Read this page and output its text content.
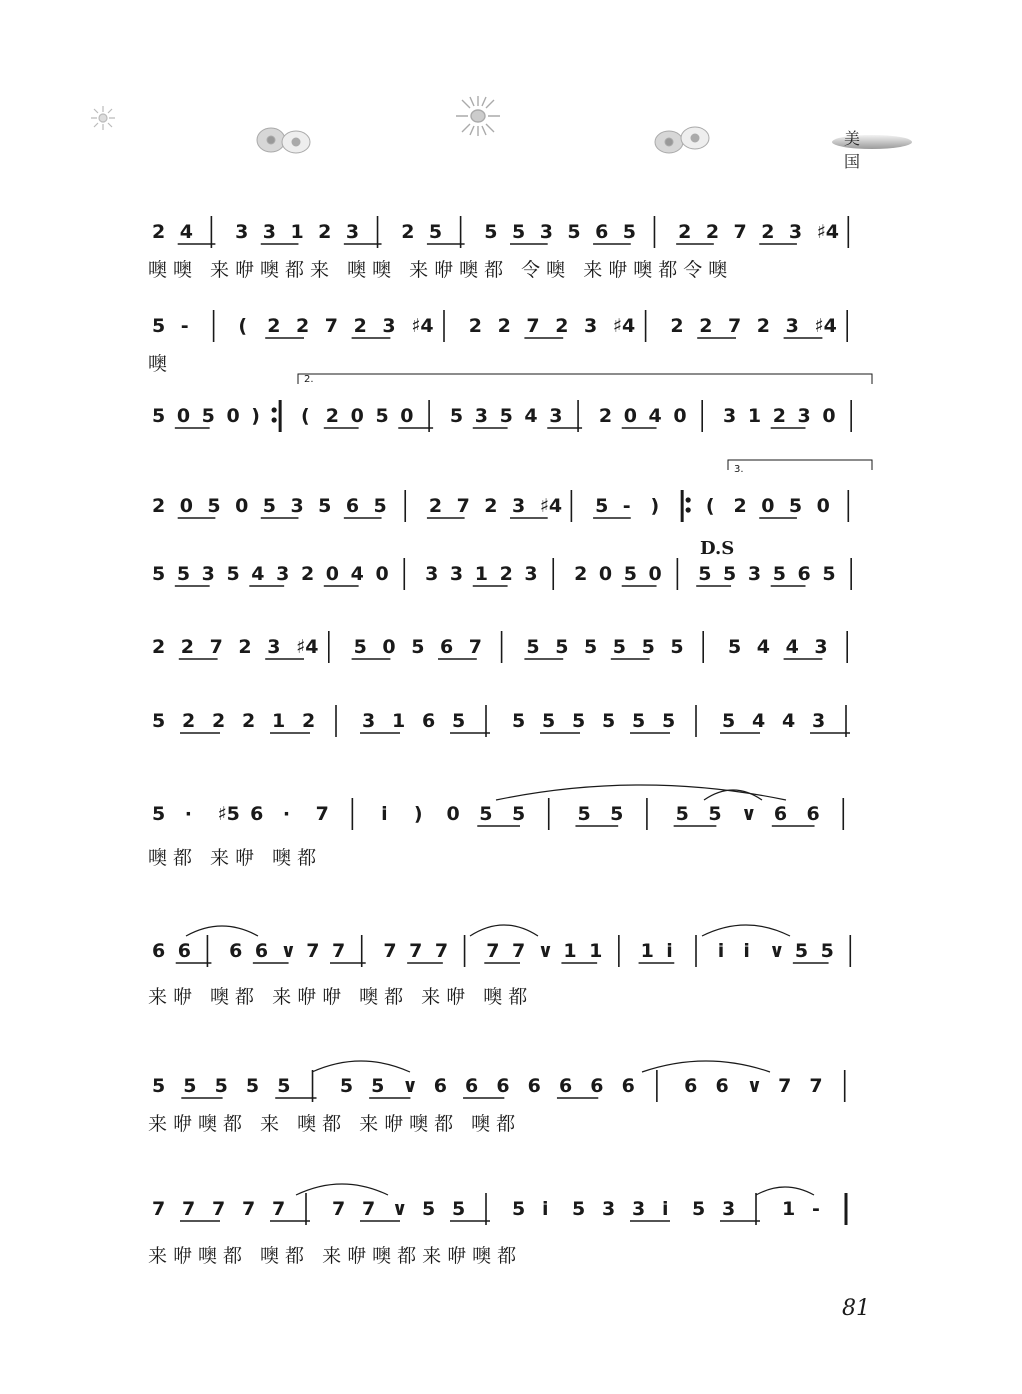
美 国
2 4 3 3 1 2 3 2 5 5 5 3 5 6 5 2 2 7 2 3 ♯4
5 -	( 2 2 7 2 3 ♯4 2 2 7 2 3 ♯4 2 2 7 2 3 ♯4
5 0 5 0 ) ( 2 0 5 0 5 3 5 4 3 2 0 4 0 3 1 2 3 0
2 0 5 0 5 3 5 6 5 2 7 2 3 ♯4 5 - ) ( 2 0 5 0
5 5 3 5 4 3 2 0 4 0 3 3 1 2 3 2 0 5 0 5 5 3 5 6 5
2 2 7 2 3 ♯4 5 0 5 6 7 5 5 5 5 5 5 5 4 4 3
5 2 2 2 1 2 3 1 6 5 5 5 5 5 5 5 5 4 4 3
5 · ♯5 6 · 7	i ) 0 5 5	5 5	5 5 ∨ 6 6
6 6 6 6 ∨ 7 7 7 7 7 7 7 ∨ 1 1 1 i i i ∨ 5 5
5 5 5 5 5	5 5 ∨ 6 6 6 6 6 6 6	6 6 ∨ 7 7
7 7 7 7 7 7 7 ∨ 5 5 5 i 5 3 3 i 5 3 1 -
噢噢 来咿噢都来 噢噢 来咿噢都 令噢 来咿噢都令噢
噢
噢都 来咿 噢都
来咿 噢都 来咿咿 噢都 来咿 噢都
来咿噢都 来 噢都 来咿噢都 噢都
来咿噢都 噢都 来咿噢都来咿噢都
D.S
2.
3.
81
